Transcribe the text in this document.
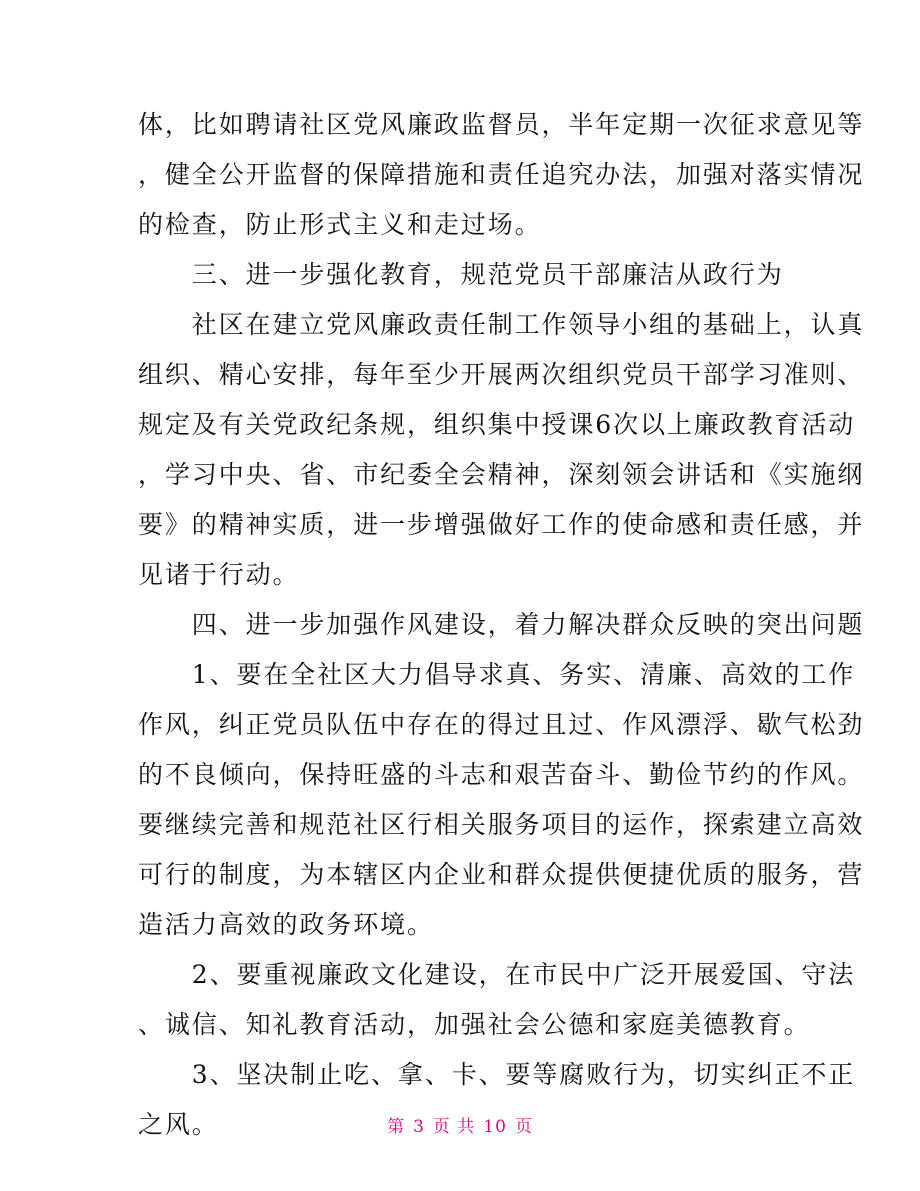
体，比如聘请社区党风廉政监督员，半年定期一次征求意见等
，健全公开监督的保障措施和责任追究办法，加强对落实情况
的检查，防止形式主义和走过场。
　　三、进一步强化教育，规范党员干部廉洁从政行为
　　社区在建立党风廉政责任制工作领导小组的基础上，认真
组织、精心安排，每年至少开展两次组织党员干部学习准则、
规定及有关党政纪条规，组织集中授课6次以上廉政教育活动
，学习中央、省、市纪委全会精神，深刻领会讲话和《实施纲
要》的精神实质，进一步增强做好工作的使命感和责任感，并
见诸于行动。
　　四、进一步加强作风建设，着力解决群众反映的突出问题
　　1、要在全社区大力倡导求真、务实、清廉、高效的工作
作风，纠正党员队伍中存在的得过且过、作风漂浮、歇气松劲
的不良倾向，保持旺盛的斗志和艰苦奋斗、勤俭节约的作风。
要继续完善和规范社区行相关服务项目的运作，探索建立高效
可行的制度，为本辖区内企业和群众提供便捷优质的服务，营
造活力高效的政务环境。
　　2、要重视廉政文化建设，在市民中广泛开展爱国、守法
、诚信、知礼教育活动，加强社会公德和家庭美德教育。
　　3、坚决制止吃、拿、卡、要等腐败行为，切实纠正不正
之风。	第 3 页 共 10 页
